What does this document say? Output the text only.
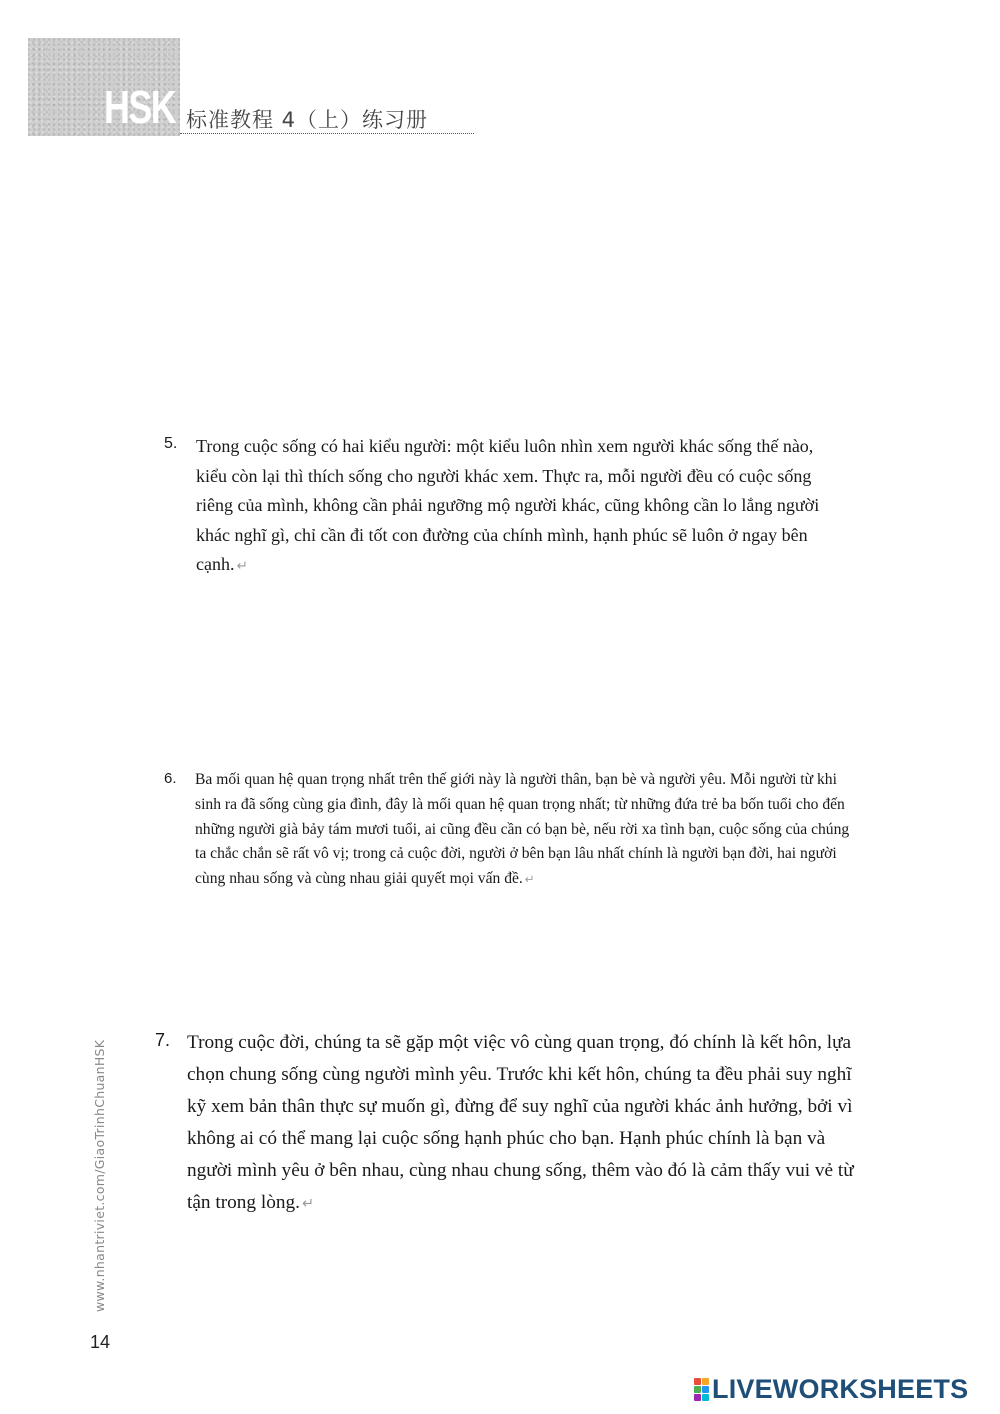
HSK 标准教程 4（上）练习册
5. Trong cuộc sống có hai kiểu người: một kiểu luôn nhìn xem người khác sống thế nào, kiểu còn lại thì thích sống cho người khác xem. Thực ra, mỗi người đều có cuộc sống riêng của mình, không cần phải ngưỡng mộ người khác, cũng không cần lo lắng người khác nghĩ gì, chỉ cần đi tốt con đường của chính mình, hạnh phúc sẽ luôn ở ngay bên cạnh. ↵

6. Ba mối quan hệ quan trọng nhất trên thế giới này là người thân, bạn bè và người yêu. Mỗi người từ khi sinh ra đã sống cùng gia đình, đây là mối quan hệ quan trọng nhất; từ những đứa trẻ ba bốn tuổi cho đến những người già bảy tám mươi tuổi, ai cũng đều cần có bạn bè, nếu rời xa tình bạn, cuộc sống của chúng ta chắc chắn sẽ rất vô vị; trong cả cuộc đời, người ở bên bạn lâu nhất chính là người bạn đời, hai người cùng nhau sống và cùng nhau giải quyết mọi vấn đề. ↵

7. Trong cuộc đời, chúng ta sẽ gặp một việc vô cùng quan trọng, đó chính là kết hôn, lựa chọn chung sống cùng người mình yêu. Trước khi kết hôn, chúng ta đều phải suy nghĩ kỹ xem bản thân thực sự muốn gì, đừng để suy nghĩ của người khác ảnh hưởng, bởi vì không ai có thể mang lại cuộc sống hạnh phúc cho bạn. Hạnh phúc chính là bạn và người mình yêu ở bên nhau, cùng nhau chung sống, thêm vào đó là cảm thấy vui vẻ từ tận trong lòng. ↵

www.nhantriviet.com/GiaoTrinhChuanHSK
14
LIVEWORKSHEETS
